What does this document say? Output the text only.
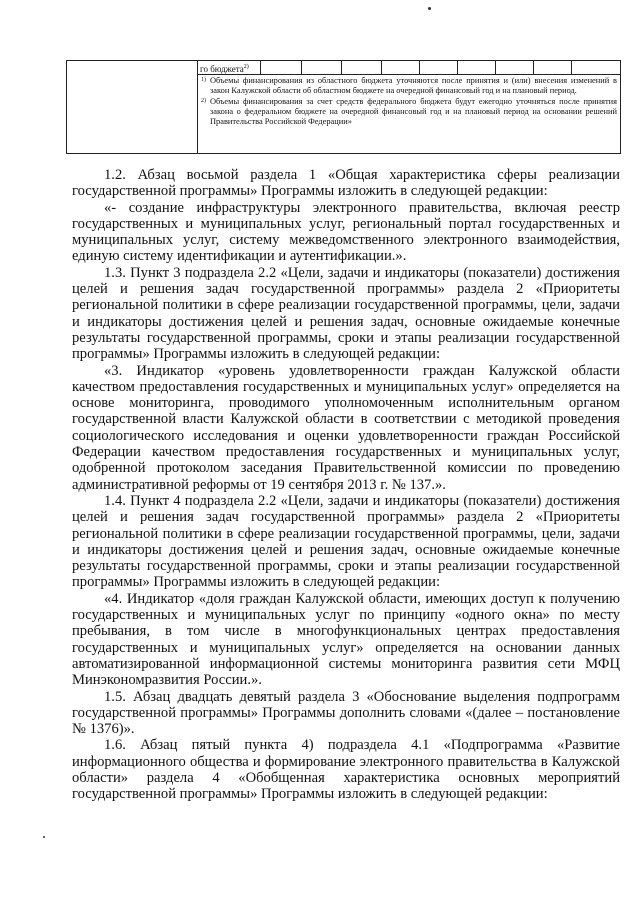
го бюджета$^{2)}$
1) Объемы финансирования из областного бюджета уточняются после принятия и (или) внесения изменений в закон Калужской области об областном бюджете на очередной финансовый год и на плановый период.
2) Объемы финансирования за счет средств федерального бюджета будут ежегодно уточняться после принятия закона о федеральном бюджете на очередной финансовый год и на плановый период на основании решений Правительства Российской Федерации»

1.2. Абзац восьмой раздела 1 «Общая характеристика сферы реализации государственной программы» Программы изложить в следующей редакции:

«- создание инфраструктуры электронного правительства, включая реестр государственных и муниципальных услуг, региональный портал государственных и муниципальных услуг, систему межведомственного электронного взаимодействия, единую систему идентификации и аутентификации.».

1.3. Пункт 3 подраздела 2.2 «Цели, задачи и индикаторы (показатели) достижения целей и решения задач государственной программы» раздела 2 «Приоритеты региональной политики в сфере реализации государственной программы, цели, задачи и индикаторы достижения целей и решения задач, основные ожидаемые конечные результаты государственной программы, сроки и этапы реализации государственной программы» Программы изложить в следующей редакции:

«3. Индикатор «уровень удовлетворенности граждан Калужской области качеством предоставления государственных и муниципальных услуг» определяется на основе мониторинга, проводимого уполномоченным исполнительным органом государственной власти Калужской области в соответствии с методикой проведения социологического исследования и оценки удовлетворенности граждан Российской Федерации качеством предоставления государственных и муниципальных услуг, одобренной протоколом заседания Правительственной комиссии по проведению административной реформы от 19 сентября 2013 г. № 137.».

1.4. Пункт 4 подраздела 2.2 «Цели, задачи и индикаторы (показатели) достижения целей и решения задач государственной программы» раздела 2 «Приоритеты региональной политики в сфере реализации государственной программы, цели, задачи и индикаторы достижения целей и решения задач, основные ожидаемые конечные результаты государственной программы, сроки и этапы реализации государственной программы» Программы изложить в следующей редакции:

«4. Индикатор «доля граждан Калужской области, имеющих доступ к получению государственных и муниципальных услуг по принципу «одного окна» по месту пребывания, в том числе в многофункциональных центрах предоставления государственных и муниципальных услуг» определяется на основании данных автоматизированной информационной системы мониторинга развития сети МФЦ Минэкономразвития России.».

1.5. Абзац двадцать девятый раздела 3 «Обоснование выделения подпрограмм государственной программы» Программы дополнить словами «(далее – постановление № 1376)».

1.6. Абзац пятый пункта 4) подраздела 4.1 «Подпрограмма «Развитие информационного общества и формирование электронного правительства в Калужской области» раздела 4 «Обобщенная характеристика основных мероприятий государственной программы» Программы изложить в следующей редакции:
